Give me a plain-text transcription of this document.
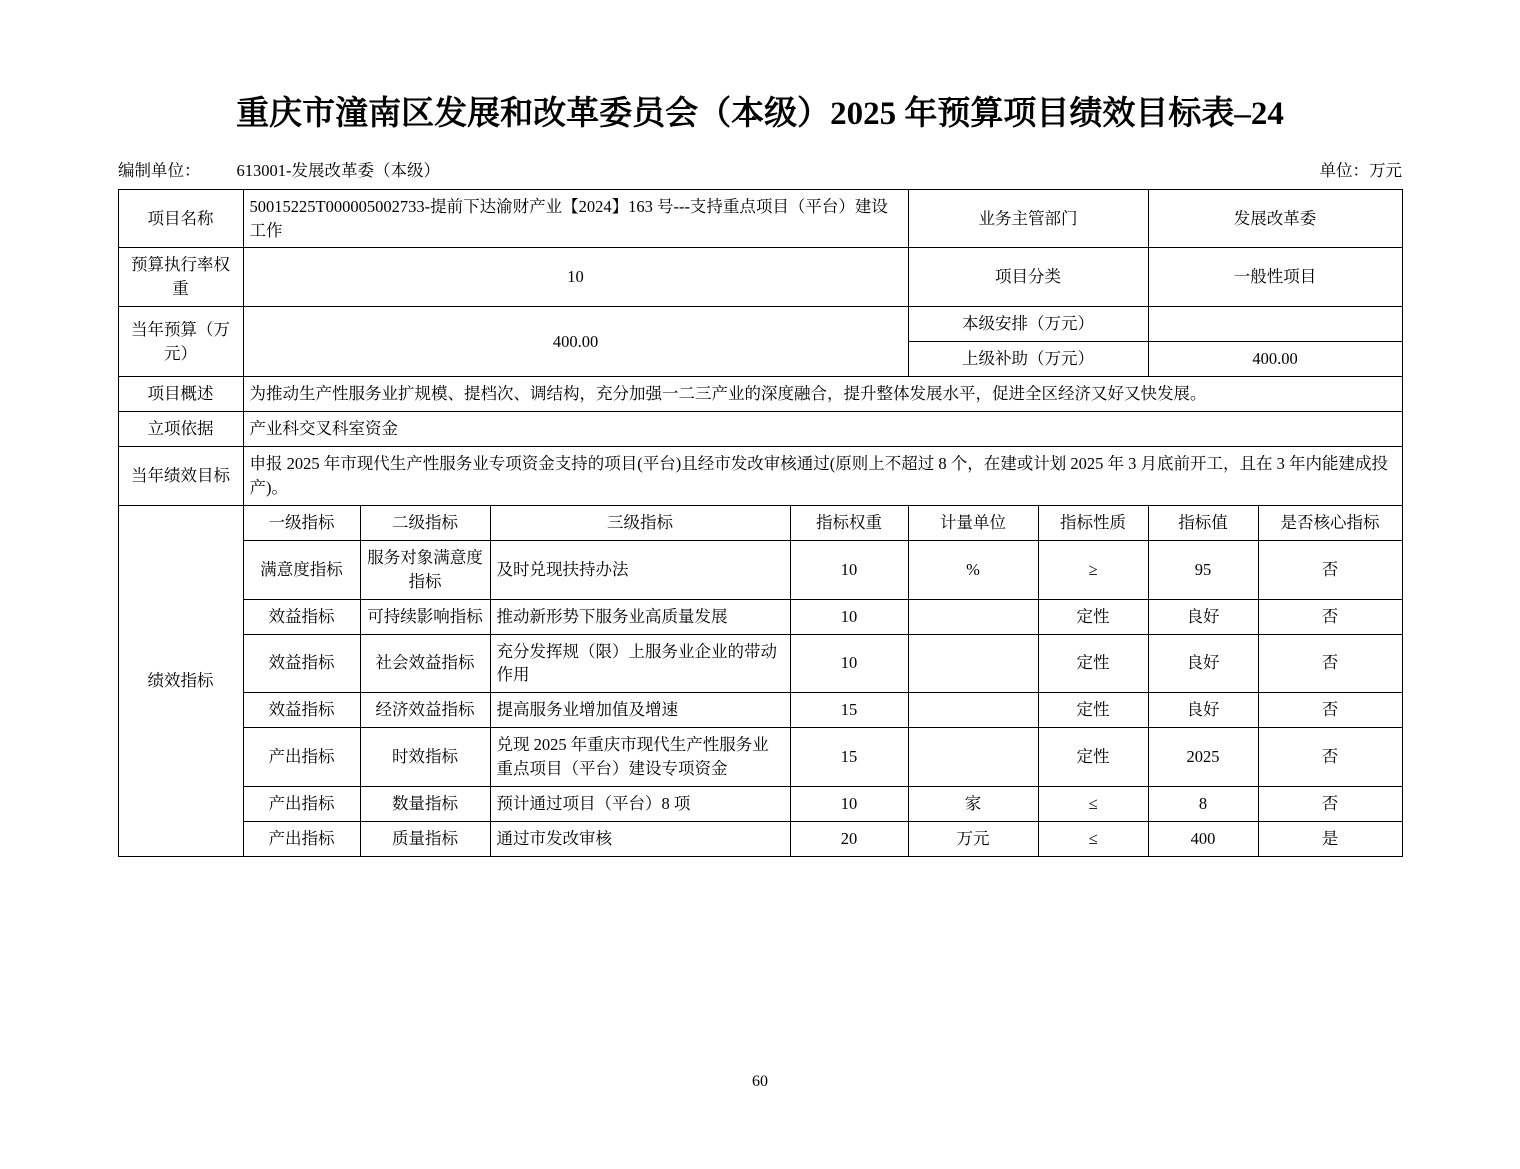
重庆市潼南区发展和改革委员会（本级）2025 年预算项目绩效目标表–24
编制单位： 613001-发展改革委（本级）	单位：万元
项目名称	50015225T000005002733-提前下达渝财产业【2024】163 号---支持重点项目（平台）建设工作				业务主管部门		发展改革委	
预算执行率权重	10				项目分类		一般性项目	
当年预算（万元）	400.00				本级安排（万元）			
					上级补助（万元）		400.00	
项目概述	为推动生产性服务业扩规模、提档次、调结构，充分加强一二三产业的深度融合，提升整体发展水平，促进全区经济又好又快发展。							
立项依据	产业科交叉科室资金							
当年绩效目标	申报 2025 年市现代生产性服务业专项资金支持的项目(平台)且经市发改审核通过(原则上不超过 8 个，在建或计划 2025 年 3 月底前开工，且在 3 年内能建成投产)。							
绩效指标	一级指标	二级指标	三级指标	指标权重	计量单位	指标性质	指标值	是否核心指标
	满意度指标	服务对象满意度指标	及时兑现扶持办法	10	%	≥	95	否
	效益指标	可持续影响指标	推动新形势下服务业高质量发展	10		定性	良好	否
	效益指标	社会效益指标	充分发挥规（限）上服务业企业的带动作用	10		定性	良好	否
	效益指标	经济效益指标	提高服务业增加值及增速	15		定性	良好	否
	产出指标	时效指标	兑现 2025 年重庆市现代生产性服务业重点项目（平台）建设专项资金	15		定性	2025	否
	产出指标	数量指标	预计通过项目（平台）8 项	10	家	≤	8	否
	产出指标	质量指标	通过市发改审核	20	万元	≤	400	是
60
